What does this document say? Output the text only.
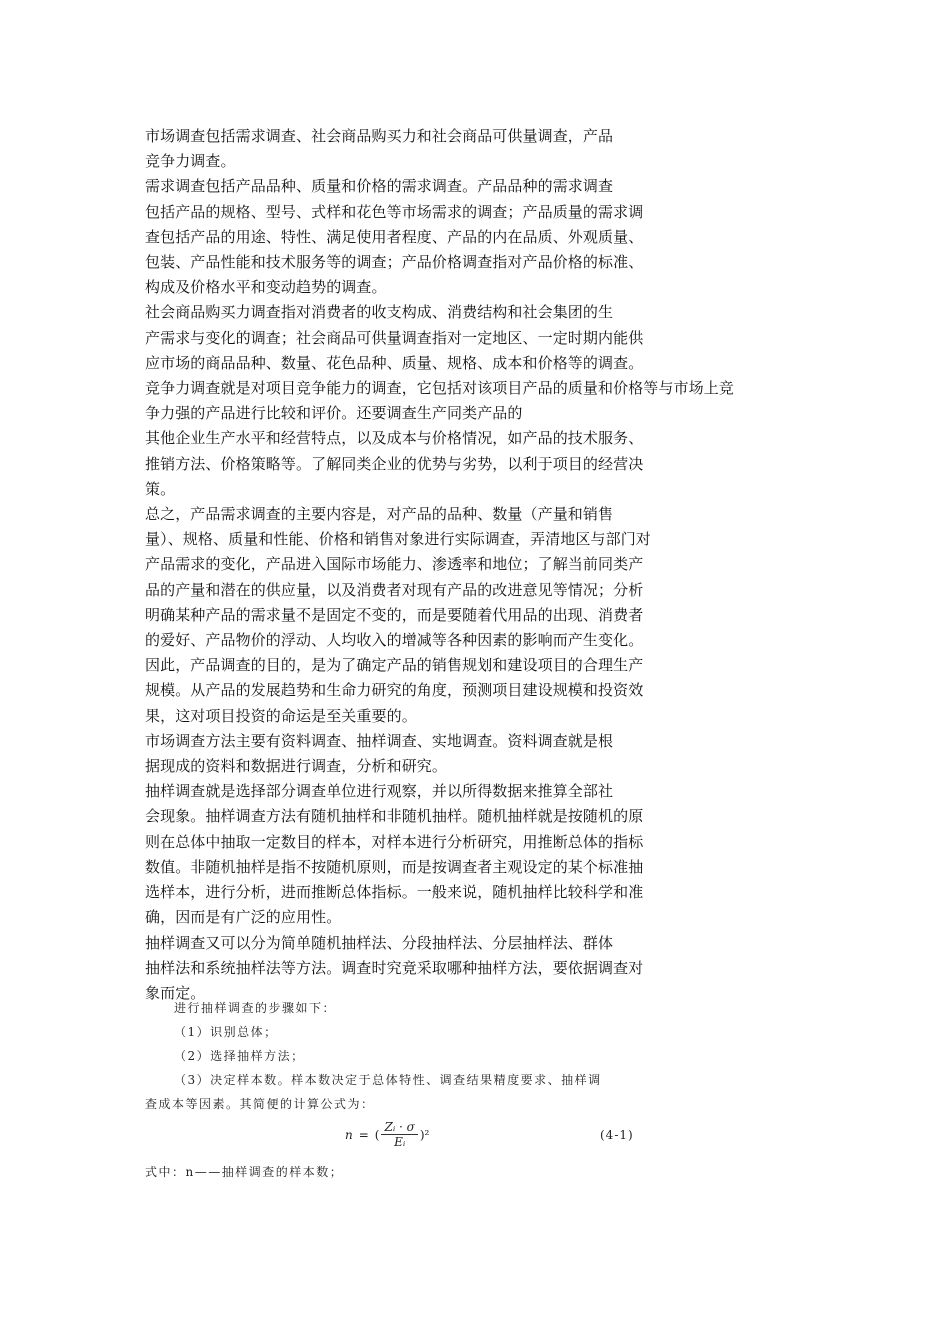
市场调查包括需求调查、社会商品购买力和社会商品可供量调查，产品
竞争力调查。
需求调查包括产品品种、质量和价格的需求调查。产品品种的需求调查
包括产品的规格、型号、式样和花色等市场需求的调查；产品质量的需求调
查包括产品的用途、特性、满足使用者程度、产品的内在品质、外观质量、
包装、产品性能和技术服务等的调查；产品价格调查指对产品价格的标准、
构成及价格水平和变动趋势的调查。
社会商品购买力调查指对消费者的收支构成、消费结构和社会集团的生
产需求与变化的调查；社会商品可供量调查指对一定地区、一定时期内能供
应市场的商品品种、数量、花色品种、质量、规格、成本和价格等的调查。
竞争力调查就是对项目竞争能力的调查，它包括对该项目产品的质量和价格等与市场上竞
争力强的产品进行比较和评价。还要调查生产同类产品的
其他企业生产水平和经营特点，以及成本与价格情况，如产品的技术服务、
推销方法、价格策略等。了解同类企业的优势与劣势，以利于项目的经营决
策。
总之，产品需求调查的主要内容是，对产品的品种、数量（产量和销售
量）、规格、质量和性能、价格和销售对象进行实际调查，弄清地区与部门对
产品需求的变化，产品进入国际市场能力、渗透率和地位；了解当前同类产
品的产量和潜在的供应量，以及消费者对现有产品的改进意见等情况；分析
明确某种产品的需求量不是固定不变的，而是要随着代用品的出现、消费者
的爱好、产品物价的浮动、人均收入的增减等各种因素的影响而产生变化。
因此，产品调查的目的，是为了确定产品的销售规划和建设项目的合理生产
规模。从产品的发展趋势和生命力研究的角度，预测项目建设规模和投资效
果，这对项目投资的命运是至关重要的。
市场调查方法主要有资料调查、抽样调查、实地调查。资料调查就是根
据现成的资料和数据进行调查，分析和研究。
抽样调查就是选择部分调查单位进行观察，并以所得数据来推算全部社
会现象。抽样调查方法有随机抽样和非随机抽样。随机抽样就是按随机的原
则在总体中抽取一定数目的样本，对样本进行分析研究，用推断总体的指标
数值。非随机抽样是指不按随机原则，而是按调查者主观设定的某个标准抽
选样本，进行分析，进而推断总体指标。一般来说，随机抽样比较科学和准
确，因而是有广泛的应用性。
抽样调查又可以分为简单随机抽样法、分段抽样法、分层抽样法、群体
抽样法和系统抽样法等方法。调查时究竟采取哪种抽样方法，要依据调查对
象而定。
进行抽样调查的步骤如下：
（1）识别总体；
（2）选择抽样方法；
（3）决定样本数。样本数决定于总体特性、调查结果精度要求、抽样调
查成本等因素。其简便的计算公式为：
n = ( $\frac{\text{Zᵢ · σ}}{\text{Eᵢ}} )^2$	(4-1)
式中：n——抽样调查的样本数；
